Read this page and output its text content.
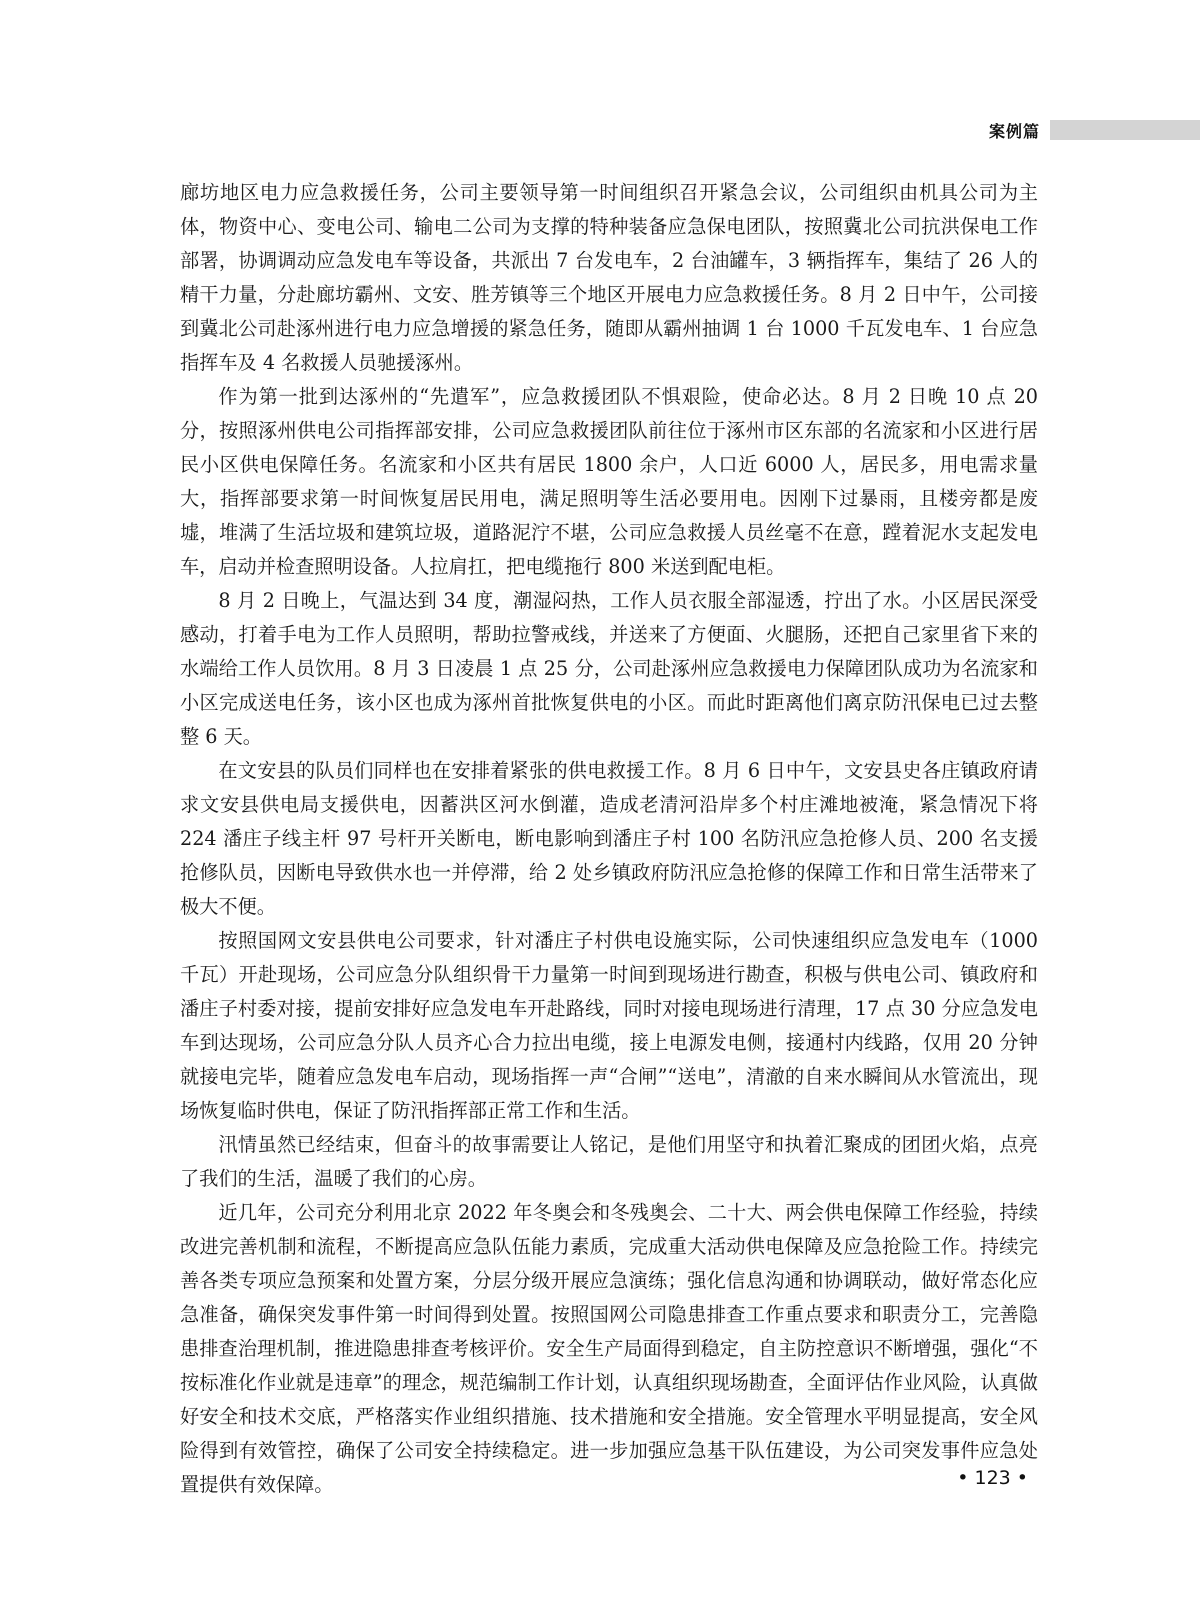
案例篇

廊坊地区电力应急救援任务，公司主要领导第一时间组织召开紧急会议，公司组织由机具公司为主体，物资中心、变电公司、输电二公司为支撑的特种装备应急保电团队，按照冀北公司抗洪保电工作部署，协调调动应急发电车等设备，共派出 7 台发电车，2 台油罐车，3 辆指挥车，集结了 26 人的精干力量，分赴廊坊霸州、文安、胜芳镇等三个地区开展电力应急救援任务。8 月 2 日中午，公司接到冀北公司赴涿州进行电力应急增援的紧急任务，随即从霸州抽调 1 台 1000 千瓦发电车、1 台应急指挥车及 4 名救援人员驰援涿州。

作为第一批到达涿州的“先遣军”，应急救援团队不惧艰险，使命必达。8 月 2 日晚 10 点 20 分，按照涿州供电公司指挥部安排，公司应急救援团队前往位于涿州市区东部的名流家和小区进行居民小区供电保障任务。名流家和小区共有居民 1800 余户，人口近 6000 人，居民多，用电需求量大，指挥部要求第一时间恢复居民用电，满足照明等生活必要用电。因刚下过暴雨，且楼旁都是废墟，堆满了生活垃圾和建筑垃圾，道路泥泞不堪，公司应急救援人员丝毫不在意，蹚着泥水支起发电车，启动并检查照明设备。人拉肩扛，把电缆拖行 800 米送到配电柜。

8 月 2 日晚上，气温达到 34 度，潮湿闷热，工作人员衣服全部湿透，拧出了水。小区居民深受感动，打着手电为工作人员照明，帮助拉警戒线，并送来了方便面、火腿肠，还把自己家里省下来的水端给工作人员饮用。8 月 3 日凌晨 1 点 25 分，公司赴涿州应急救援电力保障团队成功为名流家和小区完成送电任务，该小区也成为涿州首批恢复供电的小区。而此时距离他们离京防汛保电已过去整整 6 天。

在文安县的队员们同样也在安排着紧张的供电救援工作。8 月 6 日中午，文安县史各庄镇政府请求文安县供电局支援供电，因蓄洪区河水倒灌，造成老清河沿岸多个村庄滩地被淹，紧急情况下将 224 潘庄子线主杆 97 号杆开关断电，断电影响到潘庄子村 100 名防汛应急抢修人员、200 名支援抢修队员，因断电导致供水也一并停滞，给 2 处乡镇政府防汛应急抢修的保障工作和日常生活带来了极大不便。

按照国网文安县供电公司要求，针对潘庄子村供电设施实际，公司快速组织应急发电车（1000 千瓦）开赴现场，公司应急分队组织骨干力量第一时间到现场进行勘查，积极与供电公司、镇政府和潘庄子村委对接，提前安排好应急发电车开赴路线，同时对接电现场进行清理，17 点 30 分应急发电车到达现场，公司应急分队人员齐心合力拉出电缆，接上电源发电侧，接通村内线路，仅用 20 分钟就接电完毕，随着应急发电车启动，现场指挥一声“合闸”“送电”，清澈的自来水瞬间从水管流出，现场恢复临时供电，保证了防汛指挥部正常工作和生活。

汛情虽然已经结束，但奋斗的故事需要让人铭记，是他们用坚守和执着汇聚成的团团火焰，点亮了我们的生活，温暖了我们的心房。

近几年，公司充分利用北京 2022 年冬奥会和冬残奥会、二十大、两会供电保障工作经验，持续改进完善机制和流程，不断提高应急队伍能力素质，完成重大活动供电保障及应急抢险工作。持续完善各类专项应急预案和处置方案，分层分级开展应急演练；强化信息沟通和协调联动，做好常态化应急准备，确保突发事件第一时间得到处置。按照国网公司隐患排查工作重点要求和职责分工，完善隐患排查治理机制，推进隐患排查考核评价。安全生产局面得到稳定，自主防控意识不断增强，强化“不按标准化作业就是违章”的理念，规范编制工作计划，认真组织现场勘查，全面评估作业风险，认真做好安全和技术交底，严格落实作业组织措施、技术措施和安全措施。安全管理水平明显提高，安全风险得到有效管控，确保了公司安全持续稳定。进一步加强应急基干队伍建设，为公司突发事件应急处置提供有效保障。	• 123 •
